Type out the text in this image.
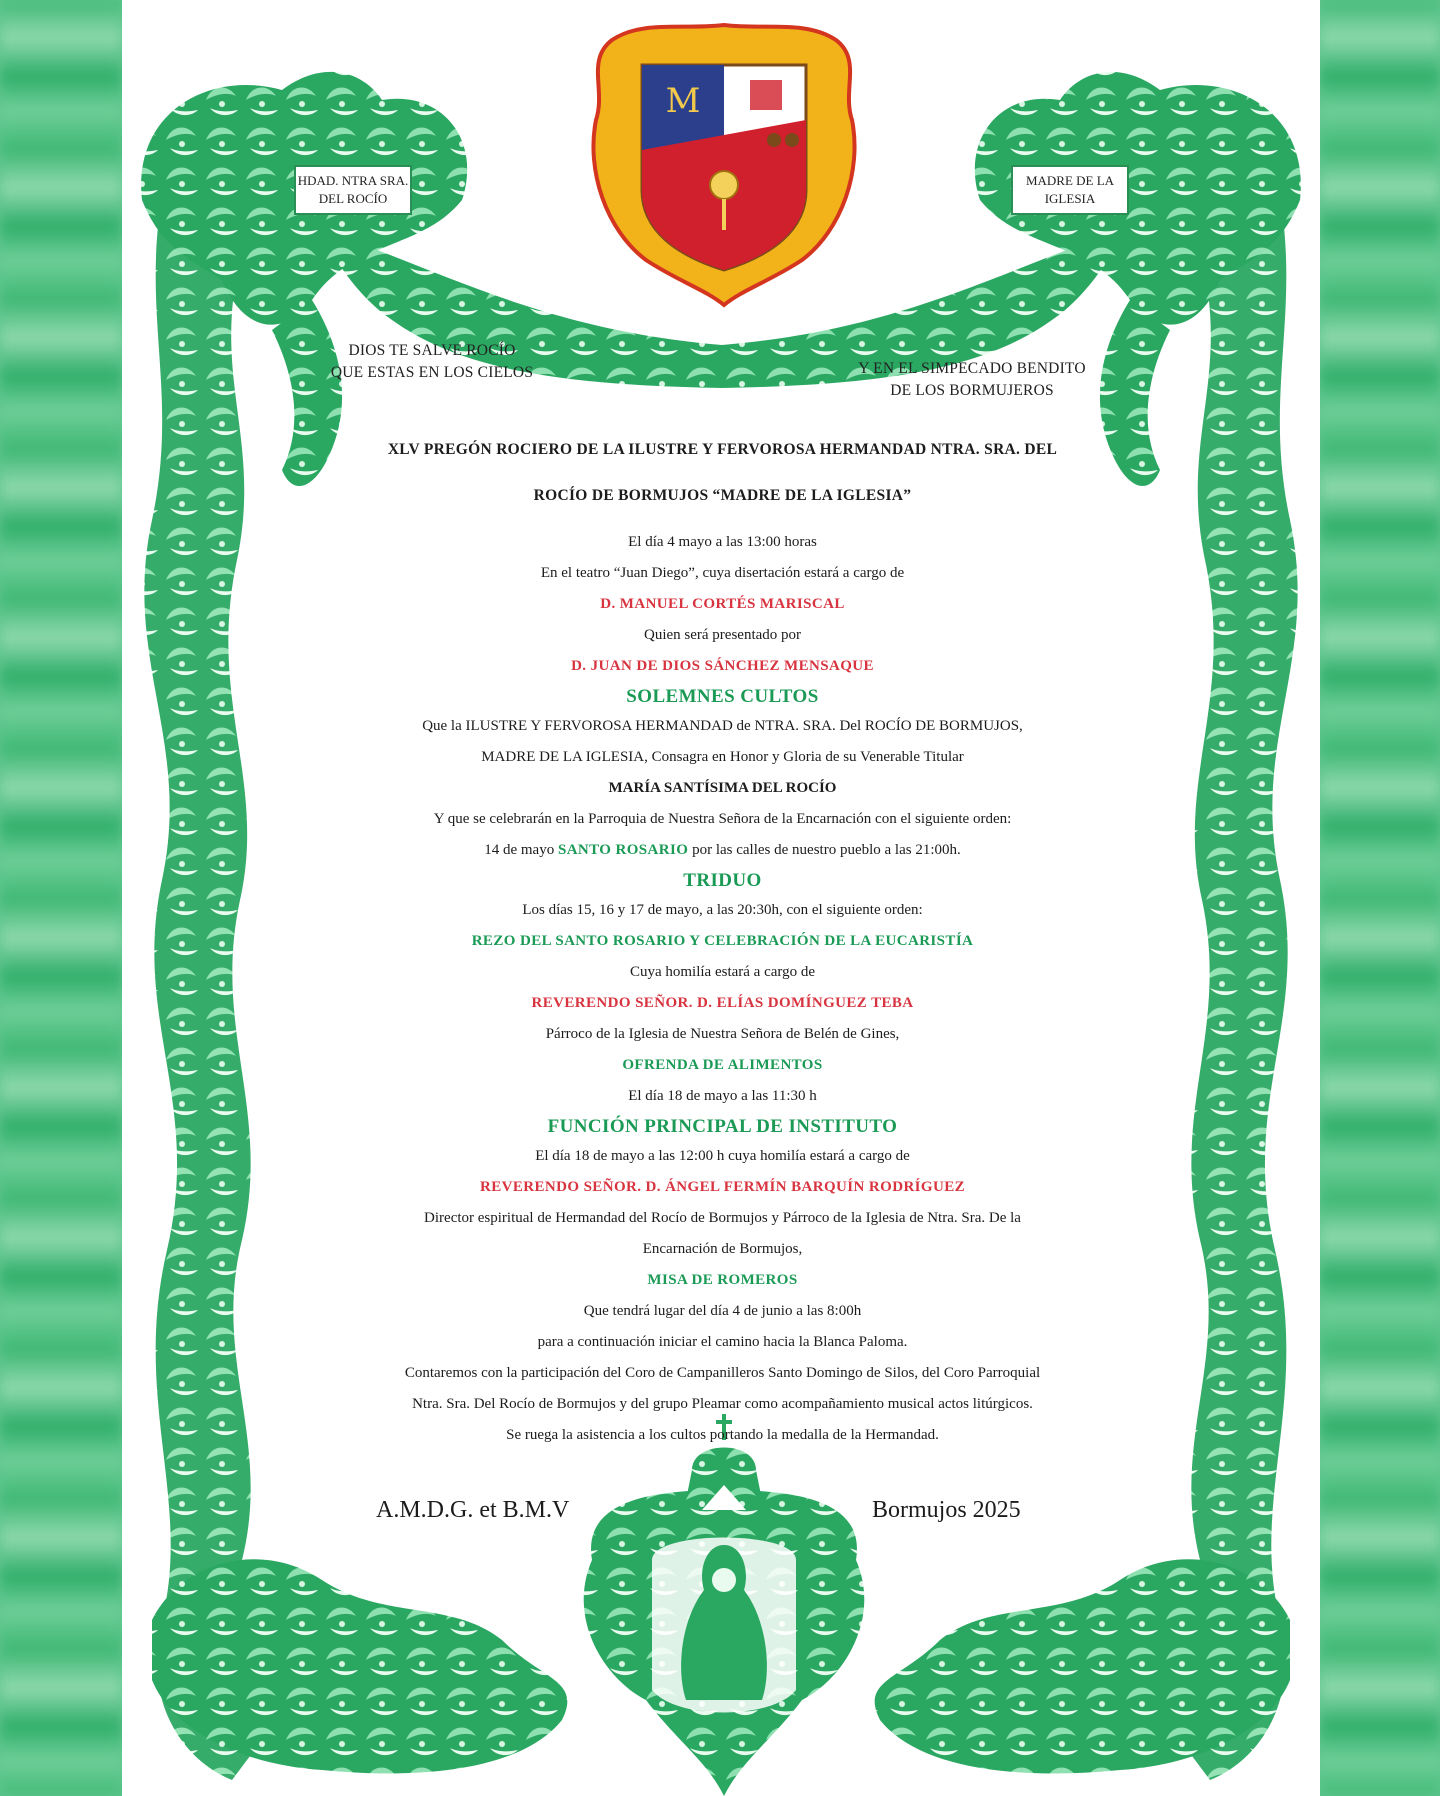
M
HDAD. NTRA SRA.
DEL ROCÍO
MADRE DE LA
IGLESIA
DIOS TE SALVE ROCÍO
QUE ESTAS EN LOS CIELOS	Y EN EL SIMPECADO BENDITO
DE LOS BORMUJEROS

XLV PREGÓN ROCIERO DE LA ILUSTRE Y FERVOROSA HERMANDAD NTRA. SRA. DEL

ROCÍO DE BORMUJOS “MADRE DE LA IGLESIA”

El día 4 mayo a las 13:00 horas

En el teatro “Juan Diego”, cuya disertación estará a cargo de

D. MANUEL CORTÉS MARISCAL

Quien será presentado por

D. JUAN DE DIOS SÁNCHEZ MENSAQUE

SOLEMNES CULTOS

Que la ILUSTRE Y FERVOROSA HERMANDAD de NTRA. SRA. Del ROCÍO DE BORMUJOS,

MADRE DE LA IGLESIA, Consagra en Honor y Gloria de su Venerable Titular

MARÍA SANTÍSIMA DEL ROCÍO

Y que se celebrarán en la Parroquia de Nuestra Señora de la Encarnación con el siguiente orden:

14 de mayo SANTO ROSARIO por las calles de nuestro pueblo a las 21:00h.

TRIDUO

Los días 15, 16 y 17 de mayo, a las 20:30h, con el siguiente orden:

REZO DEL SANTO ROSARIO Y CELEBRACIÓN DE LA EUCARISTÍA

Cuya homilía estará a cargo de

REVERENDO SEÑOR. D. ELÍAS DOMÍNGUEZ TEBA

Párroco de la Iglesia de Nuestra Señora de Belén de Gines,

OFRENDA DE ALIMENTOS

El día 18 de mayo a las 11:30 h

FUNCIÓN PRINCIPAL DE INSTITUTO

El día 18 de mayo a las 12:00 h cuya homilía estará a cargo de

REVERENDO SEÑOR. D. ÁNGEL FERMÍN BARQUÍN RODRÍGUEZ

Director espiritual de Hermandad del Rocío de Bormujos y Párroco de la Iglesia de Ntra. Sra. De la

Encarnación de Bormujos,

MISA DE ROMEROS

Que tendrá lugar del día 4 de junio a las 8:00h

para a continuación iniciar el camino hacia la Blanca Paloma.

Contaremos con la participación del Coro de Campanilleros Santo Domingo de Silos, del Coro Parroquial

Ntra. Sra. Del Rocío de Bormujos y del grupo Pleamar como acompañamiento musical actos litúrgicos.

Se ruega la asistencia a los cultos portando la medalla de la Hermandad.

A.M.D.G. et B.M.V	Bormujos 2025
